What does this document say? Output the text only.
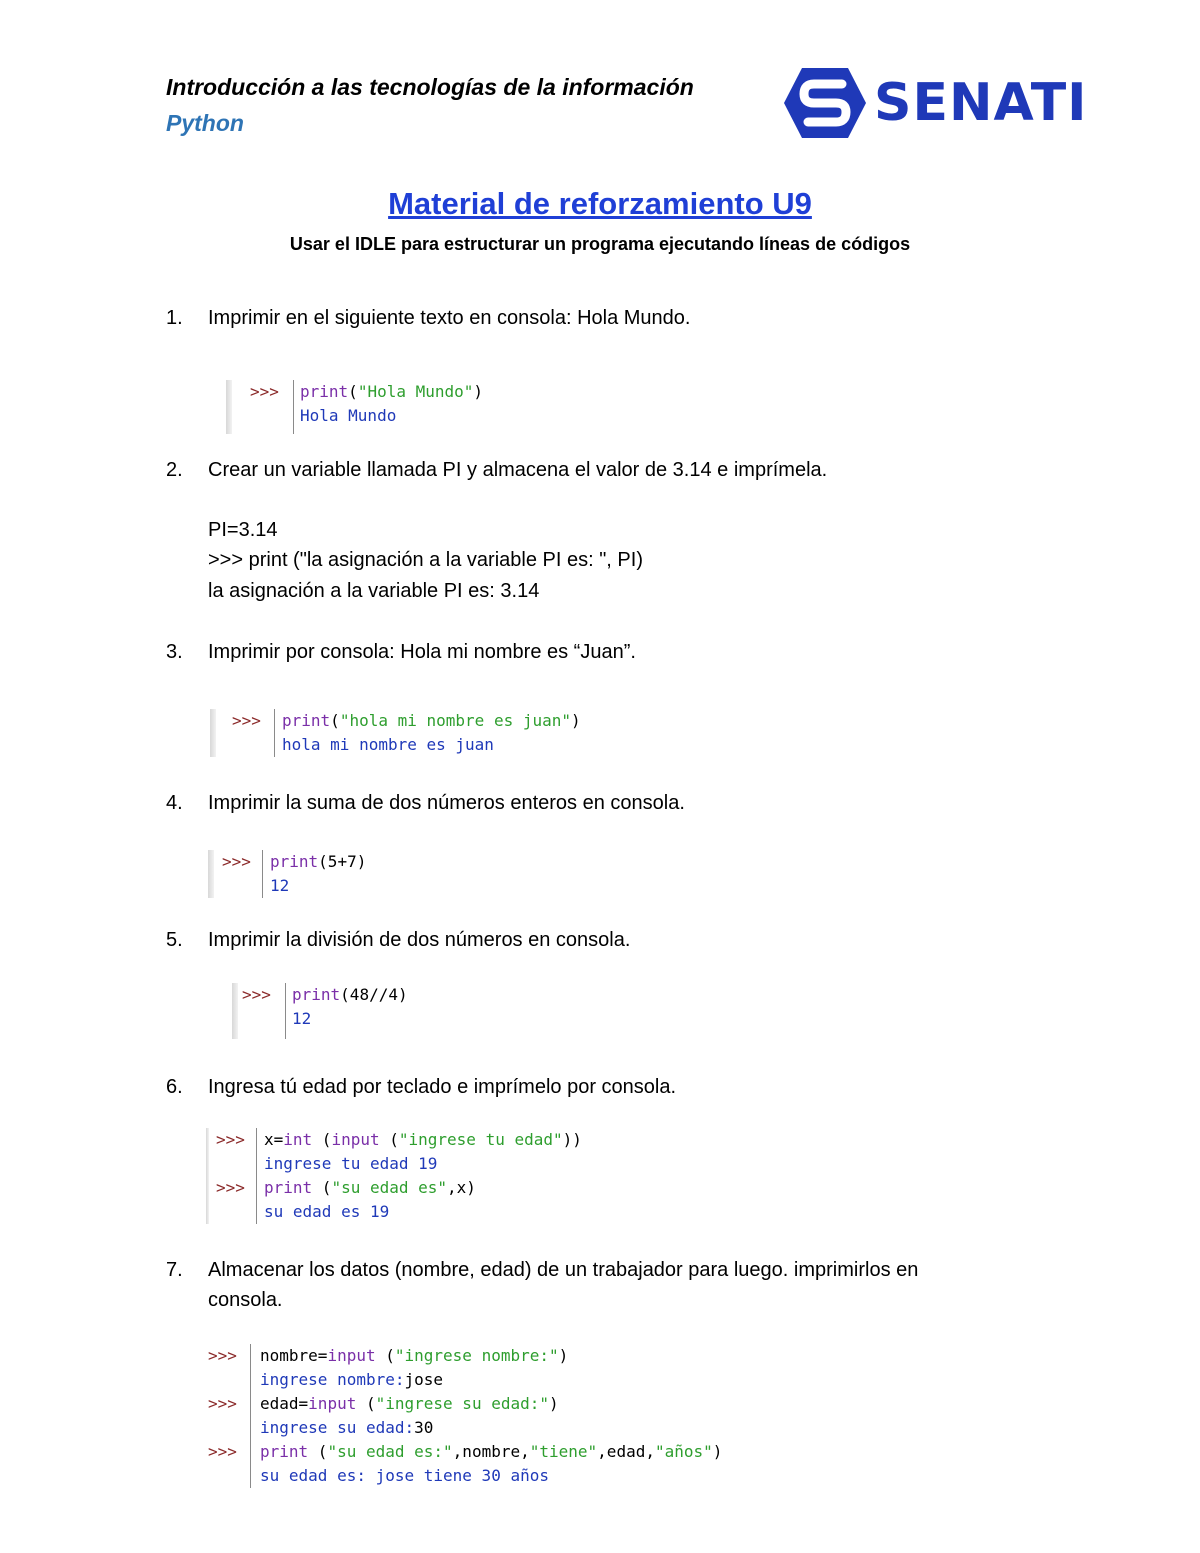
Introducción a las tecnologías de la información
Python	SENATI
Material de reforzamiento U9
Usar el IDLE para estructurar un programa ejecutando líneas de códigos
1. Imprimir en el siguiente texto en consola: Hola Mundo.
>>> print("Hola Mundo")
Hola Mundo
2. Crear un variable llamada PI y almacena el valor de 3.14 e imprímela.
PI=3.14
>>> print ("la asignación a la variable PI es: ", PI)
la asignación a la variable PI es: 3.14
3. Imprimir por consola: Hola mi nombre es “Juan”.
>>> print("hola mi nombre es juan")
hola mi nombre es juan
4. Imprimir la suma de dos números enteros en consola.
>>> print(5+7)
12
5. Imprimir la división de dos números en consola.
>>> print(48//4)
12
6. Ingresa tú edad por teclado e imprímelo por consola.
>>> x=int (input ("ingrese tu edad"))
ingrese tu edad 19
>>> print ("su edad es",x)
su edad es 19
7. Almacenar los datos (nombre, edad) de un trabajador para luego. imprimirlos en consola.
>>> nombre=input ("ingrese nombre:")
ingrese nombre:jose
>>> edad=input ("ingrese su edad:")
ingrese su edad:30
>>> print ("su edad es:",nombre,"tiene",edad,"años")
su edad es: jose tiene 30 años
